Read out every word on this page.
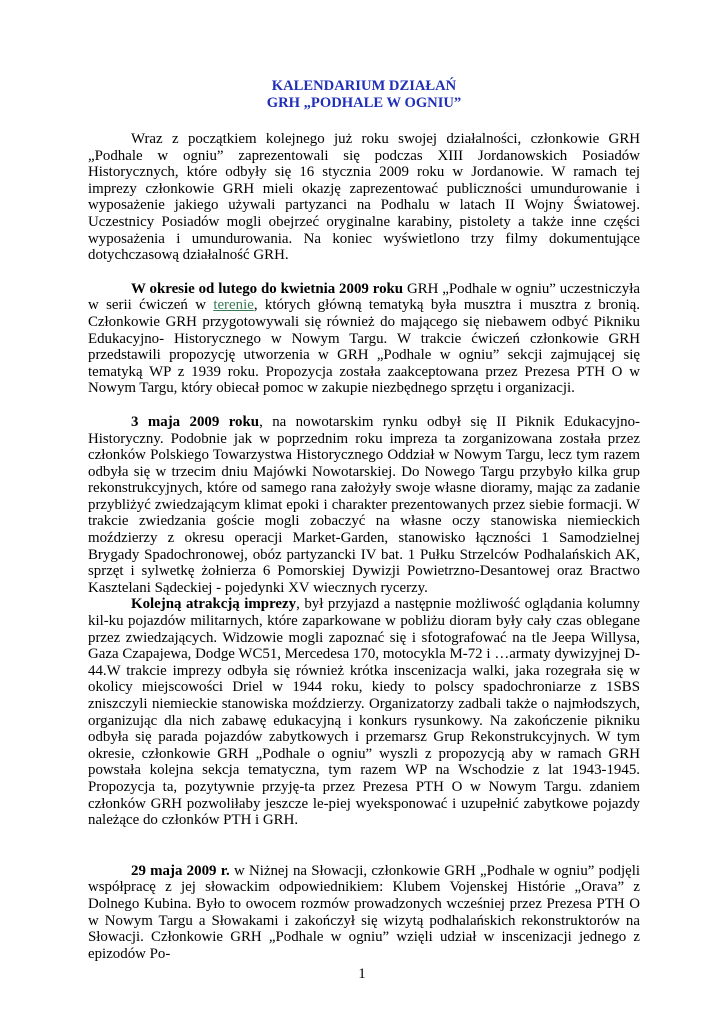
KALENDARIUM DZIAŁAŃ
GRH „PODHALE W OGNIU”

Wraz z początkiem kolejnego już roku swojej działalności, członkowie GRH „Podhale w ogniu” zaprezentowali się podczas XIII Jordanowskich Posiadów Historycznych, które odbyły się 16 stycznia 2009 roku w Jordanowie. W ramach tej imprezy członkowie GRH mieli okazję zaprezentować publiczności umundurowanie i wyposażenie jakiego używali partyzanci na Podhalu w latach II Wojny Światowej. Uczestnicy Posiadów mogli obejrzeć oryginalne karabiny, pistolety a także inne części wyposażenia i umundurowania. Na koniec wyświetlono trzy filmy dokumentujące dotychczasową działalność GRH.

W okresie od lutego do kwietnia 2009 roku GRH „Podhale w ogniu” uczestniczyła w serii ćwiczeń w terenie, których główną tematyką była musztra i musztra z bronią. Członkowie GRH przygotowywali się również do mającego się niebawem odbyć Pikniku Edukacyjno- Historycznego w Nowym Targu. W trakcie ćwiczeń członkowie GRH przedstawili propozycję utworzenia w GRH „Podhale w ogniu” sekcji zajmującej się tematyką WP z 1939 roku. Propozycja została zaakceptowana przez Prezesa PTH O w Nowym Targu, który obiecał pomoc w zakupie niezbędnego sprzętu i organizacji.

3 maja 2009 roku, na nowotarskim rynku odbył się II Piknik Edukacyjno-Historyczny. Podobnie jak w poprzednim roku impreza ta zorganizowana została przez członków Polskiego Towarzystwa Historycznego Oddział w Nowym Targu, lecz tym razem odbyła się w trzecim dniu Majówki Nowotarskiej. Do Nowego Targu przybyło kilka grup rekonstrukcyjnych, które od samego rana założyły swoje własne dioramy, mając za zadanie przybliżyć zwiedzającym klimat epoki i charakter prezentowanych przez siebie formacji. W trakcie zwiedzania goście mogli zobaczyć na własne oczy stanowiska niemieckich moździerzy z okresu operacji Market-Garden, stanowisko łączności 1 Samodzielnej Brygady Spadochronowej, obóz partyzancki IV bat. 1 Pułku Strzelców Podhalańskich AK, sprzęt i sylwetkę żołnierza 6 Pomorskiej Dywizji Powietrzno-Desantowej oraz Bractwo Kasztelani Sądeckiej - pojedynki XV wiecznych rycerzy.

Kolejną atrakcją imprezy, był przyjazd a następnie możliwość oglądania kolumny kil-ku pojazdów militarnych, które zaparkowane w pobliżu dioram były cały czas oblegane przez zwiedzających. Widzowie mogli zapoznać się i sfotografować na tle Jeepa Willysa, Gaza Czapajewa, Dodge WC51, Mercedesa 170, motocykla M-72 i …armaty dywizyjnej D-44.W trakcie imprezy odbyła się również krótka inscenizacja walki, jaka rozegrała się w okolicy miejscowości Driel w 1944 roku, kiedy to polscy spadochroniarze z 1SBS zniszczyli niemieckie stanowiska moździerzy. Organizatorzy zadbali także o najmłodszych, organizując dla nich zabawę edukacyjną i konkurs rysunkowy. Na zakończenie pikniku odbyła się parada pojazdów zabytkowych i przemarsz Grup Rekonstrukcyjnych. W tym okresie, członkowie GRH „Podhale o ogniu” wyszli z propozycją aby w ramach GRH powstała kolejna sekcja tematyczna, tym razem WP na Wschodzie z lat 1943-1945. Propozycja ta, pozytywnie przyję-ta przez Prezesa PTH O w Nowym Targu. zdaniem członków GRH pozwoliłaby jeszcze le-piej wyeksponować i uzupełnić zabytkowe pojazdy należące do członków PTH i GRH.

29 maja 2009 r. w Niżnej na Słowacji, członkowie GRH „Podhale w ogniu” podjęli współpracę z jej słowackim odpowiednikiem: Klubem Vojenskej Histórie „Orava” z Dolnego Kubina. Było to owocem rozmów prowadzonych wcześniej przez Prezesa PTH O w Nowym Targu a Słowakami i zakończył się wizytą podhalańskich rekonstruktorów na Słowacji. Członkowie GRH „Podhale w ogniu” wzięli udział w inscenizacji jednego z epizodów Po-

1
